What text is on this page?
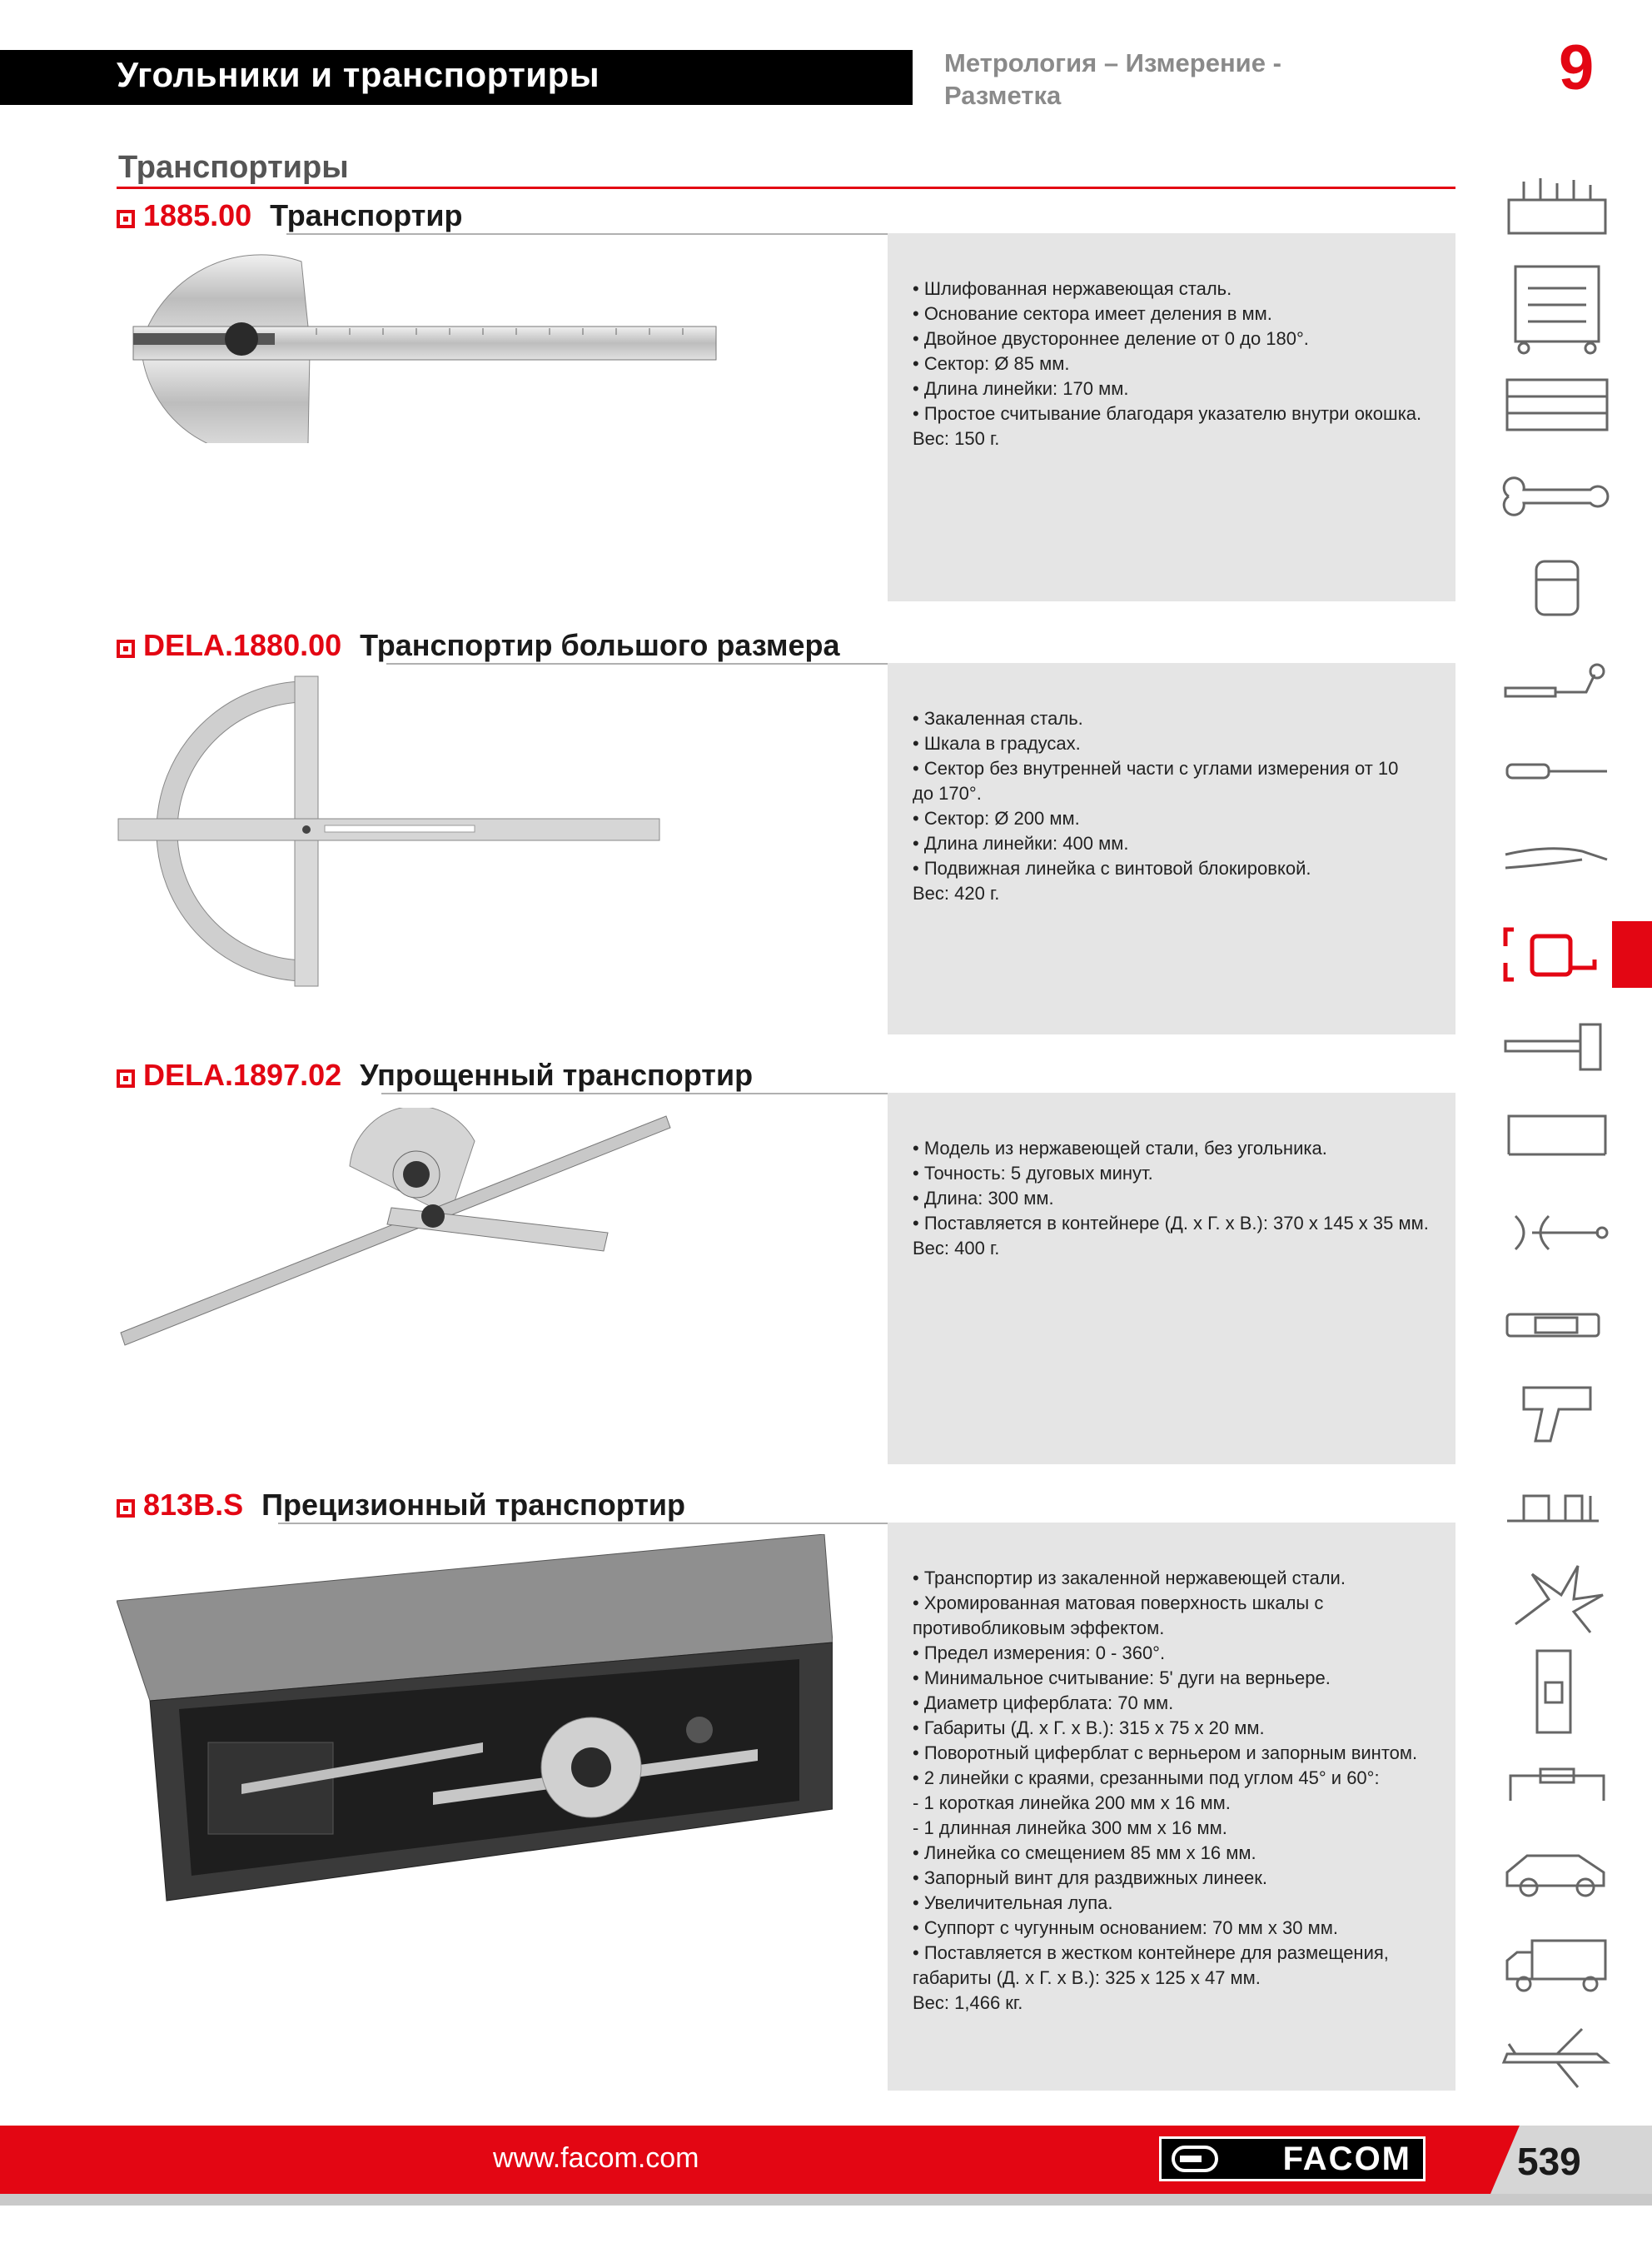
Угольники и транспортиры	Метрология – Измерение -
Разметка	9
Транспортиры
1885.00 Транспортир
• Шлифованная нержавеющая сталь.
• Основание сектора имеет деления в мм.
• Двойное двустороннее деление от 0 до 180°.
• Сектор: Ø 85 мм.
• Длина линейки: 170 мм.
• Простое считывание благодаря указателю внутри окошка.
Вес: 150 г.
DELA.1880.00 Транспортир большого размера
• Закаленная сталь.
• Шкала в градусах.
• Сектор без внутренней части с углами измерения от 10
до 170°.
• Сектор: Ø 200 мм.
• Длина линейки: 400 мм.
• Подвижная линейка с винтовой блокировкой.
Вес: 420 г.
DELA.1897.02 Упрощенный транспортир
• Модель из нержавеющей стали, без угольника.
• Точность: 5 дуговых минут.
• Длина: 300 мм.
• Поставляется в контейнере (Д. x Г. x В.): 370 x 145 x 35 мм.
Вес: 400 г.
813B.S Прецизионный транспортир
• Транспортир из закаленной нержавеющей стали.
• Хромированная матовая поверхность шкалы с
противобликовым эффектом.
• Предел измерения: 0 - 360°.
• Минимальное считывание: 5' дуги на верньере.
• Диаметр циферблата: 70 мм.
• Габариты (Д. x Г. x В.): 315 x 75 x 20 мм.
• Поворотный циферблат с верньером и запорным винтом.
• 2 линейки с краями, срезанными под углом 45° и 60°:
- 1 короткая линейка 200 мм x 16 мм.
- 1 длинная линейка 300 мм x 16 мм.
• Линейка со смещением 85 мм x 16 мм.
• Запорный винт для раздвижных линеек.
• Увеличительная лупа.
• Суппорт с чугунным основанием: 70 мм x 30 мм.
• Поставляется в жестком контейнере для размещения,
габариты (Д. x Г. x В.): 325 x 125 x 47 мм.
Вес: 1,466 кг.
www.facom.com	FACOM	539
